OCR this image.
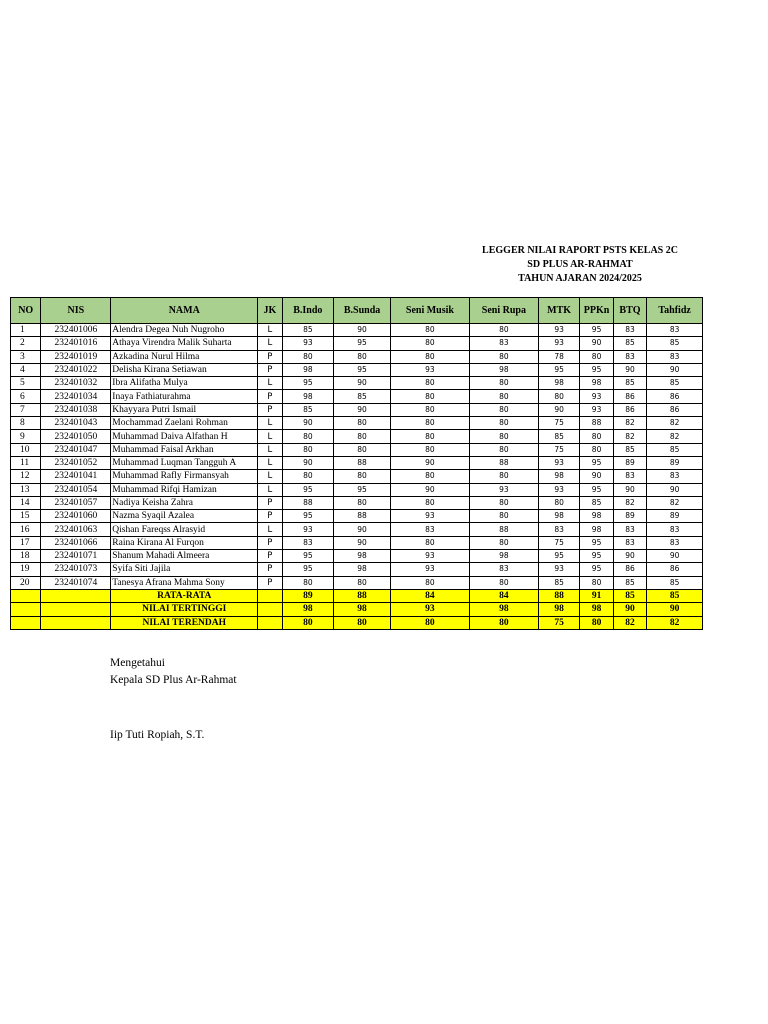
LEGGER NILAI RAPORT PSTS KELAS 2C
SD PLUS AR-RAHMAT
TAHUN AJARAN 2024/2025
NO	NIS	NAMA	JK	B.Indo	B.Sunda	Seni Musik	Seni Rupa	MTK	PPKn	BTQ	Tahfidz
1	232401006	Alendra Degea Nuh Nugroho	L	85	90	80	80	93	95	83	83
2	232401016	Athaya Virendra Malik Suharta	L	93	95	80	83	93	90	85	85
3	232401019	Azkadina Nurul Hilma	P	80	80	80	80	78	80	83	83
4	232401022	Delisha Kirana Setiawan	P	98	95	93	98	95	95	90	90
5	232401032	Ibra Alifatha Mulya	L	95	90	80	80	98	98	85	85
6	232401034	Inaya Fathiaturahma	P	98	85	80	80	80	93	86	86
7	232401038	Khayyara Putri Ismail	P	85	90	80	80	90	93	86	86
8	232401043	Mochammad Zaelani Rohman	L	90	80	80	80	75	88	82	82
9	232401050	Muhammad Daiva Alfathan H	L	80	80	80	80	85	80	82	82
10	232401047	Muhammad Faisal Arkhan	L	80	80	80	80	75	80	85	85
11	232401052	Muhammad Luqman Tangguh A	L	90	88	90	88	93	95	89	89
12	232401041	Muhammad Rafly Firmansyah	L	80	80	80	80	98	90	83	83
13	232401054	Muhammad Rifqi Hamizan	L	95	95	90	93	93	95	90	90
14	232401057	Nadiya Keisha Zahra	P	88	80	80	80	80	85	82	82
15	232401060	Nazma Syaqil Azalea	P	95	88	93	80	98	98	89	89
16	232401063	Qishan Fareqss Alrasyid	L	93	90	83	88	83	98	83	83
17	232401066	Raina Kirana Al Furqon	P	83	90	80	80	75	95	83	83
18	232401071	Shanum Mahadi Almeera	P	95	98	93	98	95	95	90	90
19	232401073	Syifa Siti Jajila	P	95	98	93	83	93	95	86	86
20	232401074	Tanesya Afrana Mahma Sony	P	80	80	80	80	85	80	85	85
		RATA-RATA		89	88	84	84	88	91	85	85
		NILAI TERTINGGI		98	98	93	98	98	98	90	90
		NILAI TERENDAH		80	80	80	80	75	80	82	82
Mengetahui
Kepala SD Plus Ar-Rahmat
Iip Tuti Ropiah, S.T.
